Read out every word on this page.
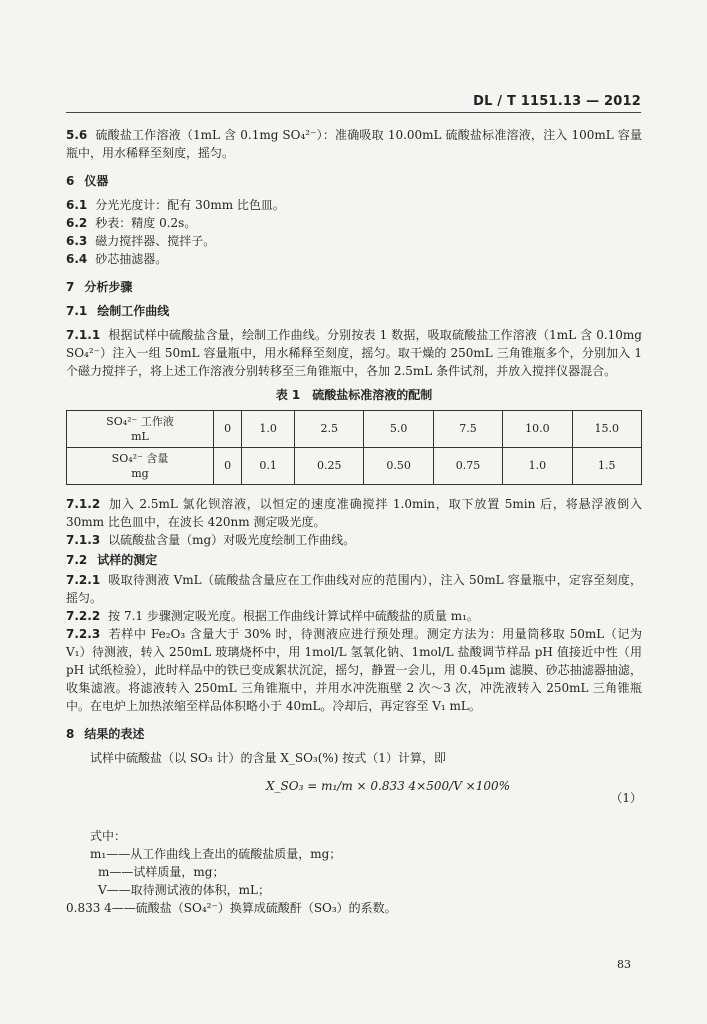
DL / T 1151.13 — 2012

5.6 硫酸盐工作溶液（1mL 含 0.1mg SO₄²⁻）：准确吸取 10.00mL 硫酸盐标准溶液，注入 100mL 容量瓶中，用水稀释至刻度，摇匀。

6 仪器

6.1 分光光度计：配有 30mm 比色皿。

6.2 秒表：精度 0.2s。

6.3 磁力搅拌器、搅拌子。

6.4 砂芯抽滤器。

7 分析步骤
7.1 绘制工作曲线

7.1.1 根据试样中硫酸盐含量，绘制工作曲线。分别按表 1 数据，吸取硫酸盐工作溶液（1mL 含 0.10mg SO₄²⁻）注入一组 50mL 容量瓶中，用水稀释至刻度，摇匀。取干燥的 250mL 三角锥瓶多个，分别加入 1 个磁力搅拌子，将上述工作溶液分别转移至三角锥瓶中，各加 2.5mL 条件试剂，并放入搅拌仪器混合。

表 1　硫酸盐标准溶液的配制
SO₄²⁻ 工作液
mL	0	1.0	2.5	5.0	7.5	10.0	15.0
SO₄²⁻ 含量
mg	0	0.1	0.25	0.50	0.75	1.0	1.5

7.1.2 加入 2.5mL 氯化钡溶液，以恒定的速度准确搅拌 1.0min，取下放置 5min 后，将悬浮液倒入 30mm 比色皿中，在波长 420nm 测定吸光度。

7.1.3 以硫酸盐含量（mg）对吸光度绘制工作曲线。

7.2 试样的测定

7.2.1 吸取待测液 VmL（硫酸盐含量应在工作曲线对应的范围内），注入 50mL 容量瓶中，定容至刻度，摇匀。

7.2.2 按 7.1 步骤测定吸光度。根据工作曲线计算试样中硫酸盐的质量 m₁。

7.2.3 若样中 Fe₂O₃ 含量大于 30% 时，待测液应进行预处理。测定方法为：用量筒移取 50mL（记为 V₁）待测液，转入 250mL 玻璃烧杯中，用 1mol/L 氢氧化钠、1mol/L 盐酸调节样品 pH 值接近中性（用 pH 试纸检验），此时样品中的铁已变成絮状沉淀，摇匀，静置一会儿，用 0.45μm 滤膜、砂芯抽滤器抽滤，收集滤液。将滤液转入 250mL 三角锥瓶中，并用水冲洗瓶壁 2 次～3 次，冲洗液转入 250mL 三角锥瓶中。在电炉上加热浓缩至样品体积略小于 40mL。冷却后，再定容至 V₁ mL。

8 结果的表述

试样中硫酸盐（以 SO₃ 计）的含量 X_SO₃(%) 按式（1）计算，即

X_SO₃ = m₁/m × 0.833 4×500/V ×100%
（1）

式中：

m₁——从工作曲线上查出的硫酸盐质量，mg；

m——试样质量，mg；

V——取待测试液的体积，mL；

0.833 4——硫酸盐（SO₄²⁻）换算成硫酸酐（SO₃）的系数。

83
